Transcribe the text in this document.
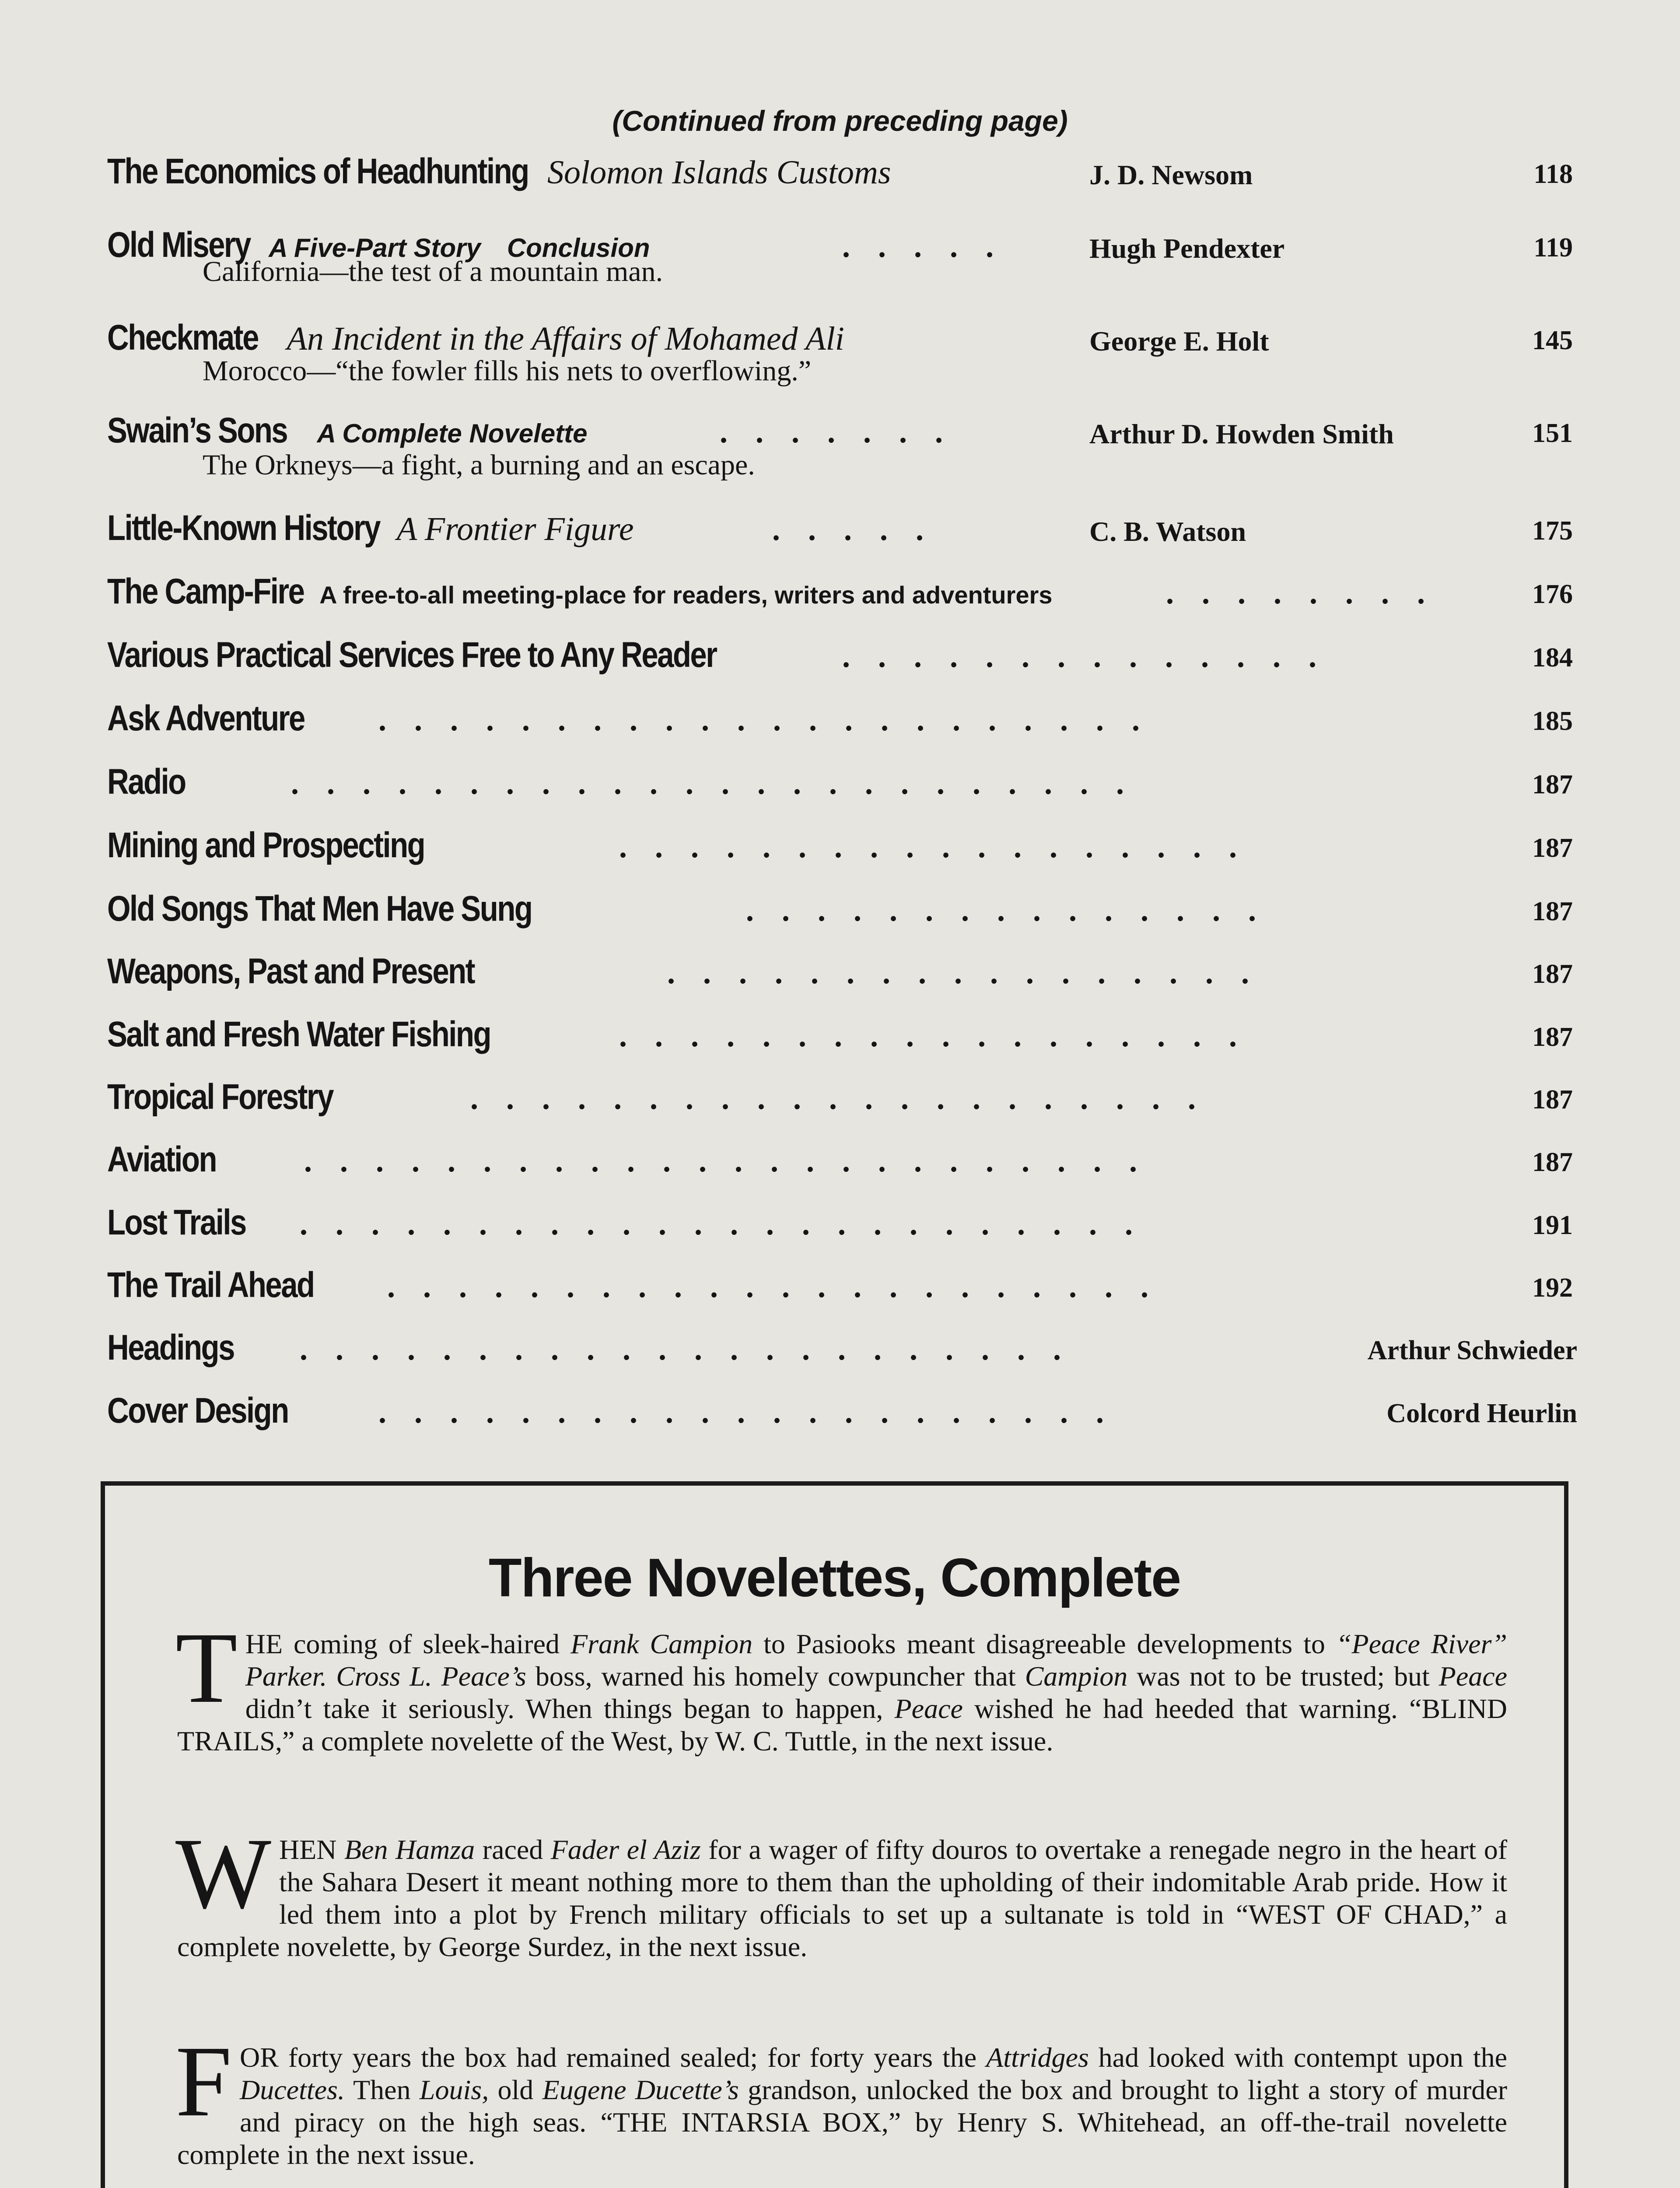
(Continued from preceding page)
The Economics of Headhunting Solomon Islands Customs	J. D. Newsom	118
Old Misery A Five-Part Story Conclusion	.....	Hugh Pendexter	119
California—the test of a mountain man.
Checkmate An Incident in the Affairs of Mohamed Ali	George E. Holt	145
Morocco—“the fowler fills his nets to overflowing.”
Swain’s Sons A Complete Novelette	.......	Arthur D. Howden Smith	151
The Orkneys—a fight, a burning and an escape.
Little-Known History A Frontier Figure	.....	C. B. Watson	175
The Camp-Fire A free-to-all meeting-place for readers, writers and adventurers	........	176
Various Practical Services Free to Any Reader	..............	184
Ask Adventure ......................	185
Radio	........................	187
Mining and Prospecting	..................	187
Old Songs That Men Have Sung	...............	187
Weapons, Past and Present	.................	187
Salt and Fresh Water Fishing	..................	187
Tropical Forestry	.....................	187
Aviation	........................	187
Lost Trails ........................	191
The Trail Ahead ......................	192
Headings ......................	Arthur Schwieder
Cover Design	.....................	Colcord Heurlin
Three Novelettes, Complete
THE coming of sleek-haired Frank Campion to Pasiooks meant disagreeable developments to “Peace River” Parker. Cross L. Peace’s boss, warned his homely cowpuncher that Campion was not to be trusted; but Peace didn’t take it seriously. When things began to happen, Peace wished he had heeded that warning. “BLIND TRAILS,” a complete novelette of the West, by W. C. Tuttle, in the next issue.
WHEN Ben Hamza raced Fader el Aziz for a wager of fifty douros to overtake a renegade negro in the heart of the Sahara Desert it meant nothing more to them than the upholding of their indomitable Arab pride. How it led them into a plot by French military officials to set up a sultanate is told in “WEST OF CHAD,” a complete novelette, by George Surdez, in the next issue.
FOR forty years the box had remained sealed; for forty years the Attridges had looked with contempt upon the Ducettes. Then Louis, old Eugene Ducette’s grandson, unlocked the box and brought to light a story of murder and piracy on the high seas. “THE INTARSIA BOX,” by Henry S. Whitehead, an off-the-trail novelette complete in the next issue.
